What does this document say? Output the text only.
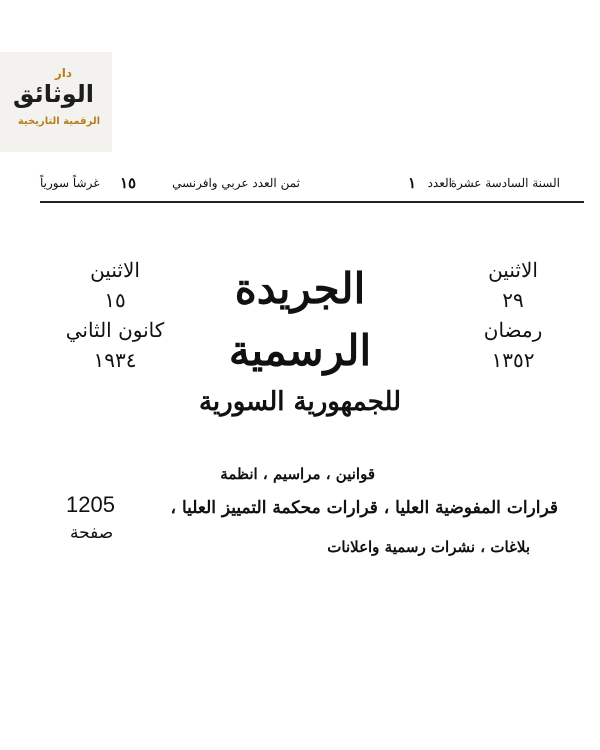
دار
الوثائق
الرقمية التاريخية
السنة السادسة عشرة
العدد
١
ثمن العدد عربي وافرنسي
١٥
غرشاً سورياً
الاثنين
٢٩
رمضان
١٣٥٢
الاثنين
١٥
كانون الثاني
١٩٣٤
الجريدة الرسمية
للجمهورية السورية
قوانين ، مراسيم ، انظمة
قرارات المفوضية العليا ، قرارات محكمة التمييز العليا ،
بلاغات ، نشرات رسمية واعلانات
1205
صفحة
